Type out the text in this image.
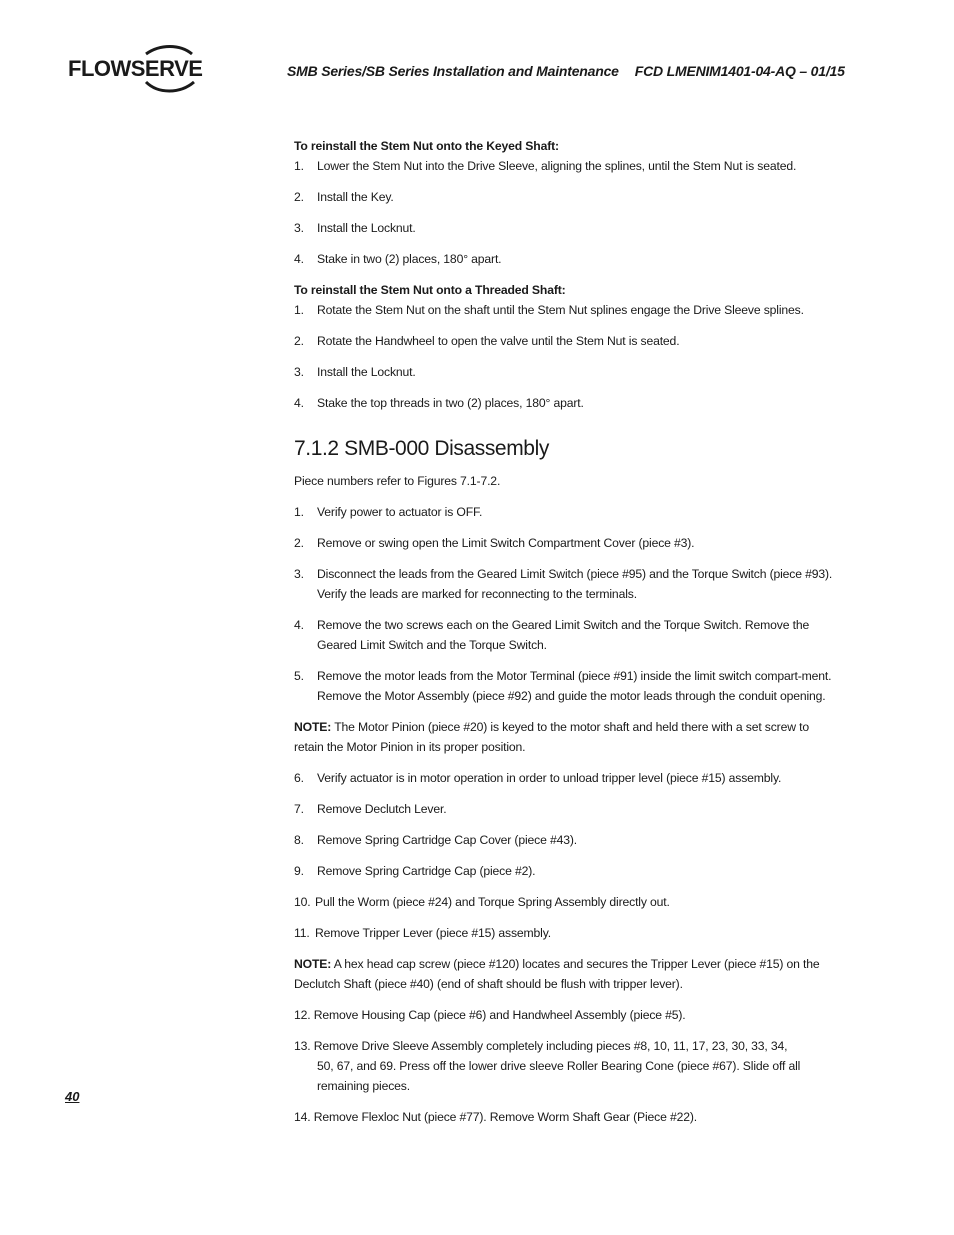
FLOWSERVE	SMB Series/SB Series Installation and Maintenance FCD LMENIM1401-04-AQ – 01/15

To reinstall the Stem Nut onto the Keyed Shaft:

1.	Lower the Stem Nut into the Drive Sleeve, aligning the splines, until the Stem Nut is seated.
2.	Install the Key.
3.	Install the Locknut.
4.	Stake in two (2) places, 180° apart.

To reinstall the Stem Nut onto a Threaded Shaft:

1.	Rotate the Stem Nut on the shaft until the Stem Nut splines engage the Drive Sleeve splines.
2.	Rotate the Handwheel to open the valve until the Stem Nut is seated.
3.	Install the Locknut.
4.	Stake the top threads in two (2) places, 180° apart.
7.1.2 SMB-000 Disassembly

Piece numbers refer to Figures 7.1-7.2.

1.	Verify power to actuator is OFF.
2.	Remove or swing open the Limit Switch Compartment Cover (piece #3).
3.	Disconnect the leads from the Geared Limit Switch (piece #95) and the Torque Switch (piece #93). Verify the leads are marked for reconnecting to the terminals.
4.	Remove the two screws each on the Geared Limit Switch and the Torque Switch. Remove the Geared Limit Switch and the Torque Switch.
5.	Remove the motor leads from the Motor Terminal (piece #91) inside the limit switch compart-ment. Remove the Motor Assembly (piece #92) and guide the motor leads through the conduit opening.

NOTE: The Motor Pinion (piece #20) is keyed to the motor shaft and held there with a set screw to retain the Motor Pinion in its proper position.

6.	Verify actuator is in motor operation in order to unload tripper level (piece #15) assembly.
7.	Remove Declutch Lever.
8.	Remove Spring Cartridge Cap Cover (piece #43).
9.	Remove Spring Cartridge Cap (piece #2).
10. Pull the Worm (piece #24) and Torque Spring Assembly directly out.
11. Remove Tripper Lever (piece #15) assembly.

NOTE: A hex head cap screw (piece #120) locates and secures the Tripper Lever (piece #15) on the Declutch Shaft (piece #40) (end of shaft should be flush with tripper lever).

12. Remove Housing Cap (piece #6) and Handwheel Assembly (piece #5).

13. Remove Drive Sleeve Assembly completely including pieces #8, 10, 11, 17, 23, 30, 33, 34,
50, 67, and 69. Press off the lower drive sleeve Roller Bearing Cone (piece #67). Slide off all remaining pieces.

14. Remove Flexloc Nut (piece #77). Remove Worm Shaft Gear (Piece #22).

40
